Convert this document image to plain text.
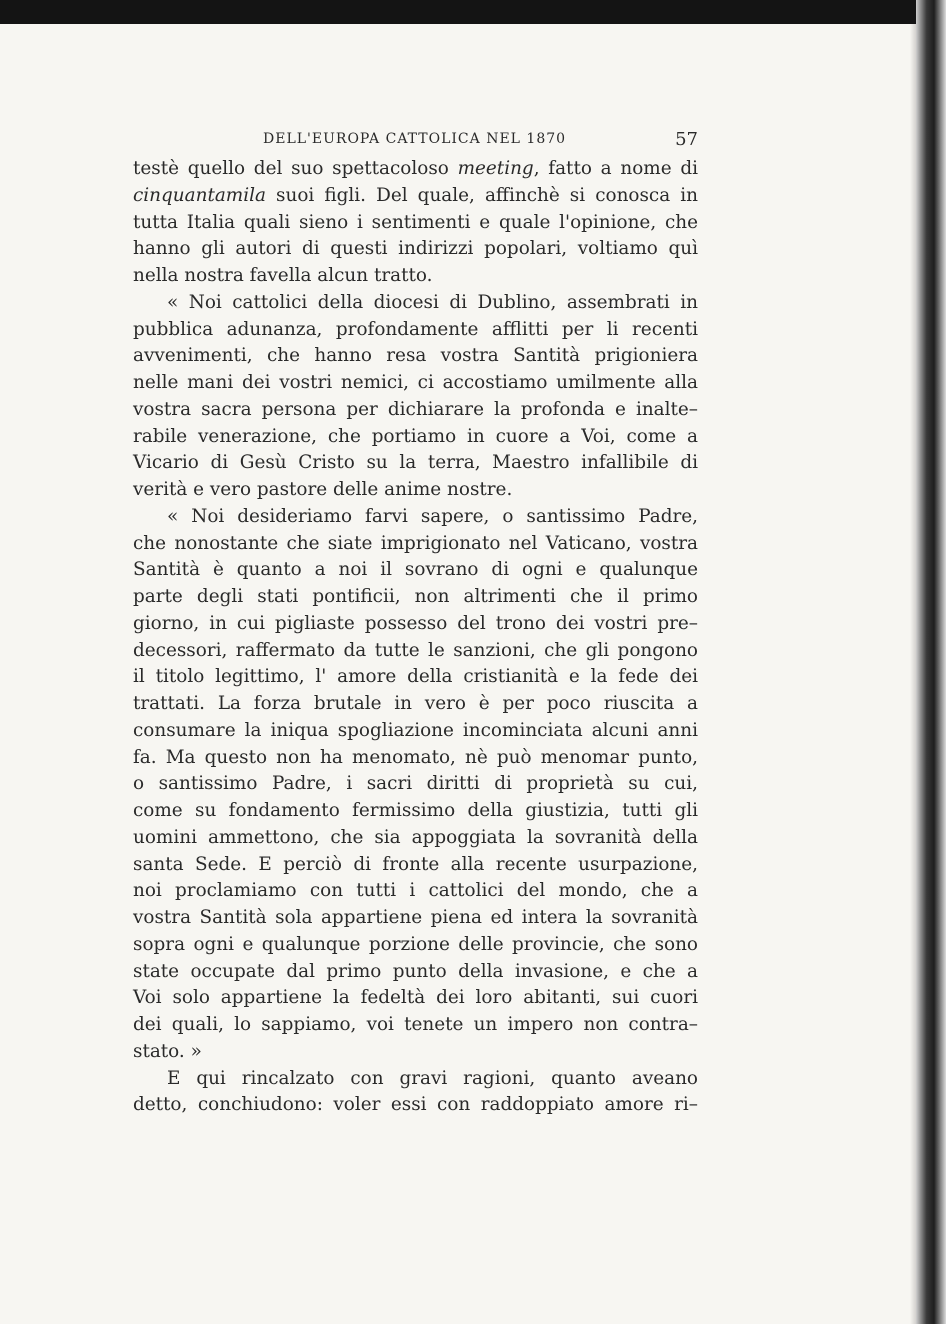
DELL'EUROPA CATTOLICA NEL 1870	57
testè quello del suo spettacoloso meeting, fatto a nome di
cinquantamila suoi figli. Del quale, affinchè si conosca in
tutta Italia quali sieno i sentimenti e quale l'opinione, che
hanno gli autori di questi indirizzi popolari, voltiamo quì
nella nostra favella alcun tratto.
« Noi cattolici della diocesi di Dublino, assembrati in
pubblica adunanza, profondamente afflitti per li recenti
avvenimenti, che hanno resa vostra Santità prigioniera
nelle mani dei vostri nemici, ci accostiamo umilmente alla
vostra sacra persona per dichiarare la profonda e inalte–
rabile venerazione, che portiamo in cuore a Voi, come a
Vicario di Gesù Cristo su la terra, Maestro infallibile di
verità e vero pastore delle anime nostre.
« Noi desideriamo farvi sapere, o santissimo Padre,
che nonostante che siate imprigionato nel Vaticano, vostra
Santità è quanto a noi il sovrano di ogni e qualunque
parte degli stati pontificii, non altrimenti che il primo
giorno, in cui pigliaste possesso del trono dei vostri pre–
decessori, raffermato da tutte le sanzioni, che gli pongono
il titolo legittimo, l' amore della cristianità e la fede dei
trattati. La forza brutale in vero è per poco riuscita a
consumare la iniqua spogliazione incominciata alcuni anni
fa. Ma questo non ha menomato, nè può menomar punto,
o santissimo Padre, i sacri diritti di proprietà su cui,
come su fondamento fermissimo della giustizia, tutti gli
uomini ammettono, che sia appoggiata la sovranità della
santa Sede. E perciò di fronte alla recente usurpazione,
noi proclamiamo con tutti i cattolici del mondo, che a
vostra Santità sola appartiene piena ed intera la sovranità
sopra ogni e qualunque porzione delle provincie, che sono
state occupate dal primo punto della invasione, e che a
Voi solo appartiene la fedeltà dei loro abitanti, sui cuori
dei quali, lo sappiamo, voi tenete un impero non contra–
stato. »
E qui rincalzato con gravi ragioni, quanto aveano
detto, conchiudono: voler essi con raddoppiato amore ri–
